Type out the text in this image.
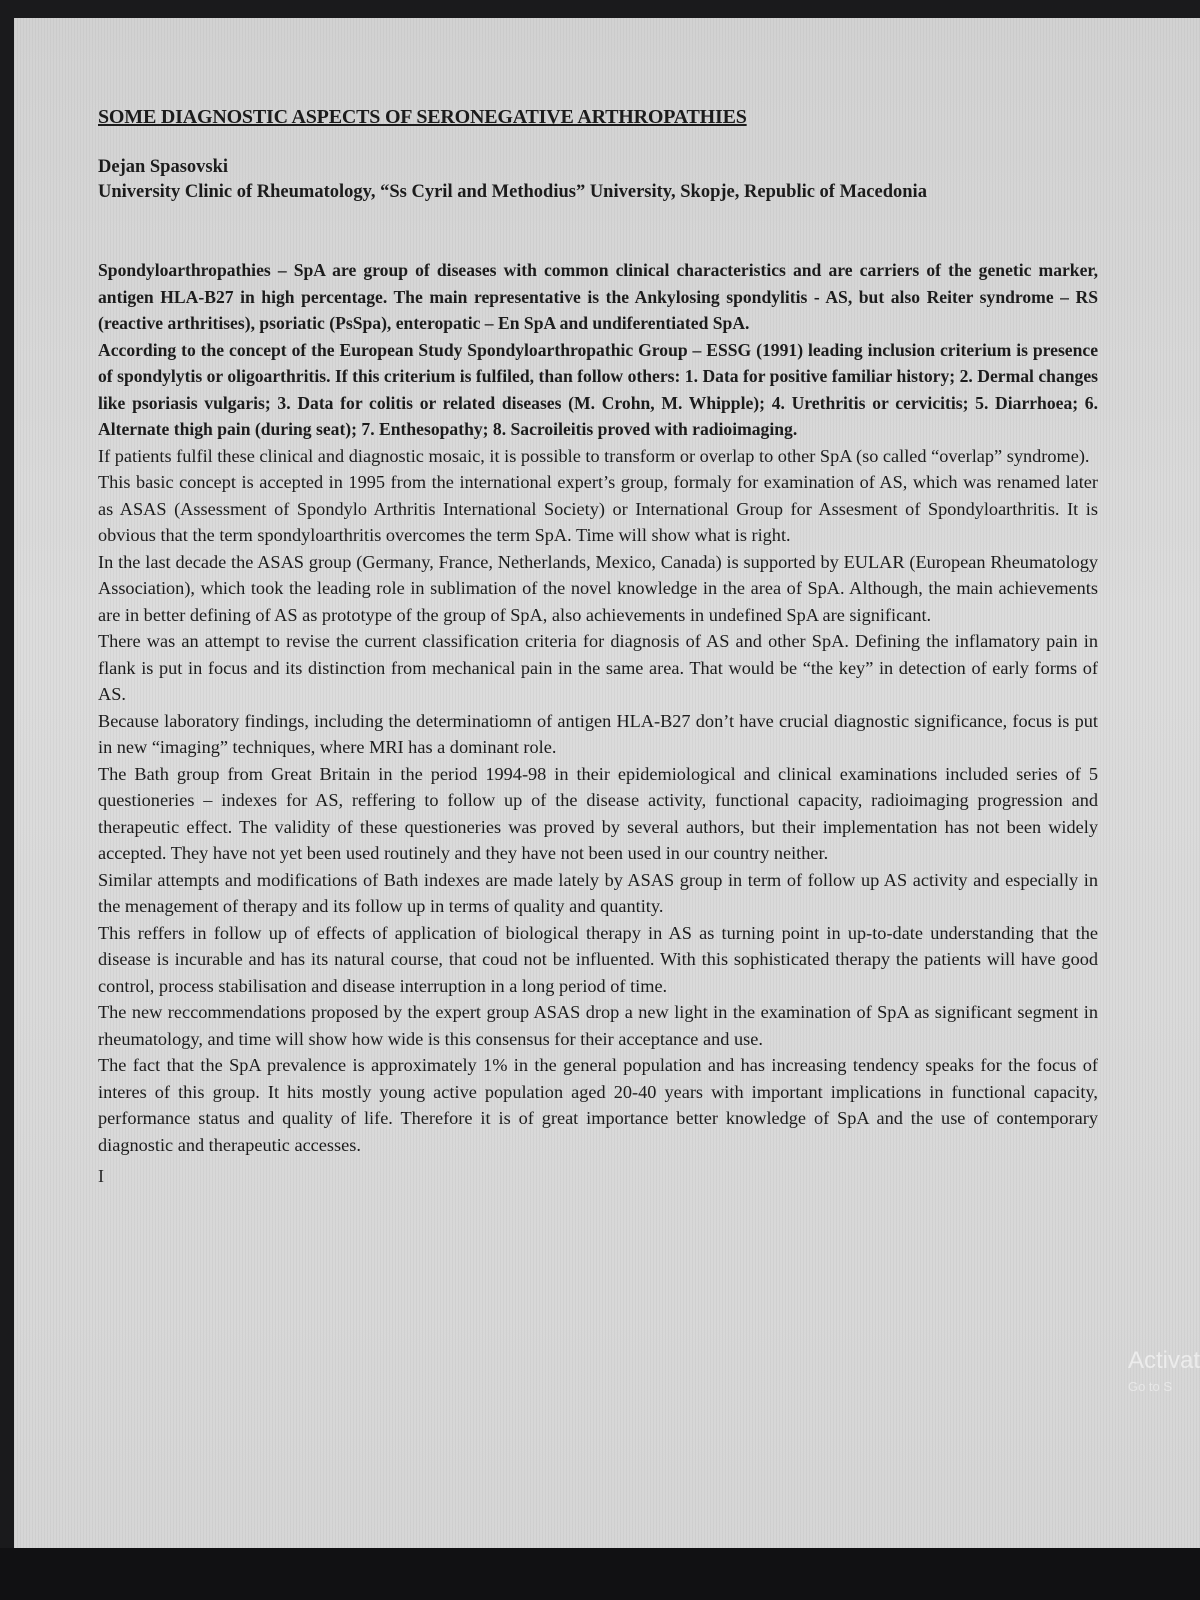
SOME DIAGNOSTIC ASPECTS OF SERONEGATIVE ARTHROPATHIES
Dejan Spasovski
University Clinic of Rheumatology, “Ss Cyril and Methodius” University, Skopje, Republic of Macedonia

Spondyloarthropathies – SpA are group of diseases with common clinical characteristics and are carriers of the genetic marker, antigen HLA-B27 in high percentage. The main representative is the Ankylosing spondylitis - AS, but also Reiter syndrome – RS (reactive arthritises), psoriatic (PsSpa), enteropatic – En SpA and undiferentiated SpA.

According to the concept of the European Study Spondyloarthropathic Group – ESSG (1991) leading inclusion criterium is presence of spondylytis or oligoarthritis. If this criterium is fulfiled, than follow others: 1. Data for positive familiar history; 2. Dermal changes like psoriasis vulgaris; 3. Data for colitis or related diseases (M. Crohn, M. Whipple); 4. Urethritis or cervicitis; 5. Diarrhoea; 6. Alternate thigh pain (during seat); 7. Enthesopathy; 8. Sacroileitis proved with radioimaging.

If patients fulfil these clinical and diagnostic mosaic, it is possible to transform or overlap to other SpA (so called “overlap” syndrome).

This basic concept is accepted in 1995 from the international expert’s group, formaly for examination of AS, which was renamed later as ASAS (Assessment of Spondylo Arthritis International Society) or International Group for Assesment of Spondyloarthritis. It is obvious that the term spondyloarthritis overcomes the term SpA. Time will show what is right.

In the last decade the ASAS group (Germany, France, Netherlands, Mexico, Canada) is supported by EULAR (European Rheumatology Association), which took the leading role in sublimation of the novel knowledge in the area of SpA. Although, the main achievements are in better defining of AS as prototype of the group of SpA, also achievements in undefined SpA are significant.

There was an attempt to revise the current classification criteria for diagnosis of AS and other SpA. Defining the inflamatory pain in flank is put in focus and its distinction from mechanical pain in the same area. That would be “the key” in detection of early forms of AS.

Because laboratory findings, including the determinatiomn of antigen HLA-B27 don’t have crucial diagnostic significance, focus is put in new “imaging” techniques, where MRI has a dominant role.

The Bath group from Great Britain in the period 1994-98 in their epidemiological and clinical examinations included series of 5 questioneries – indexes for AS, reffering to follow up of the disease activity, functional capacity, radioimaging progression and therapeutic effect. The validity of these questioneries was proved by several authors, but their implementation has not been widely accepted. They have not yet been used routinely and they have not been used in our country neither.

Similar attempts and modifications of Bath indexes are made lately by ASAS group in term of follow up AS activity and especially in the menagement of therapy and its follow up in terms of quality and quantity.

This reffers in follow up of effects of application of biological therapy in AS as turning point in up-to-date understanding that the disease is incurable and has its natural course, that coud not be influented. With this sophisticated therapy the patients will have good control, process stabilisation and disease interruption in a long period of time.

The new reccommendations proposed by the expert group ASAS drop a new light in the examination of SpA as significant segment in rheumatology, and time will show how wide is this consensus for their acceptance and use.

The fact that the SpA prevalence is approximately 1% in the general population and has increasing tendency speaks for the focus of interes of this group. It hits mostly young active population aged 20-40 years with important implications in functional capacity, performance status and quality of life. Therefore it is of great importance better knowledge of SpA and the use of contemporary diagnostic and therapeutic accesses.

I
Activat
Go to S
